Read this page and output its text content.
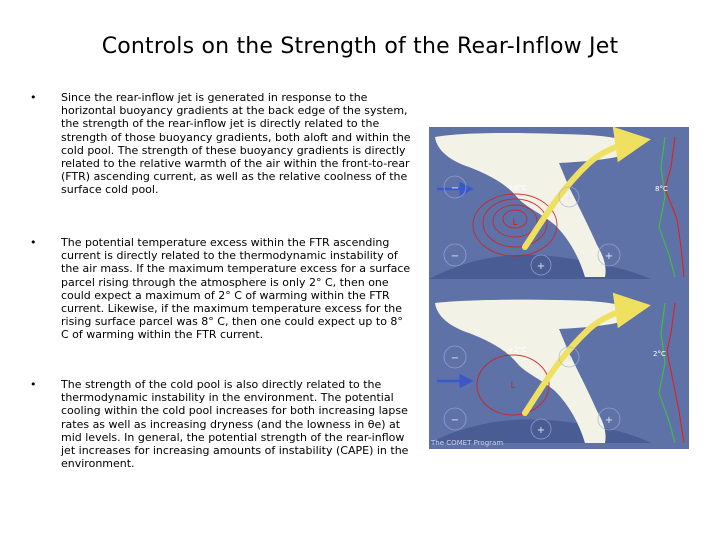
Controls on the Strength of the Rear-Inflow Jet
• Since the rear-inflow jet is generated in response to the horizontal buoyancy gradients at the back edge of the system, the strength of the rear-inflow jet is directly related to the strength of those buoyancy gradients, both aloft and within the cold pool. The strength of these buoyancy gradients is directly related to the relative warmth of the air within the front-to-rear (FTR) ascending current, as well as the relative coolness of the surface cold pool.
• The potential temperature excess within the FTR ascending current is directly related to the thermodynamic instability of the air mass. If the maximum temperature excess for a surface parcel rising through the atmosphere is only 2° C, then one could expect a maximum of 2° C of warming within the FTR current. Likewise, if the maximum temperature excess for the rising surface parcel was 8° C, then one could expect up to 8° C of warming within the FTR current.
• The strength of the cold pool is also directly related to the thermodynamic instability in the environment. The potential cooling within the cold pool increases for both increasing lapse rates as well as increasing dryness (and the lowness in θe) at mid levels. In general, the potential strength of the rear-inflow jet increases for increasing amounts of instability (CAPE) in the environment.
+
+
+
−
−
L
+8°C	8°C
+
+
+
−
−
L
+2°C	2°C
The COMET Program
